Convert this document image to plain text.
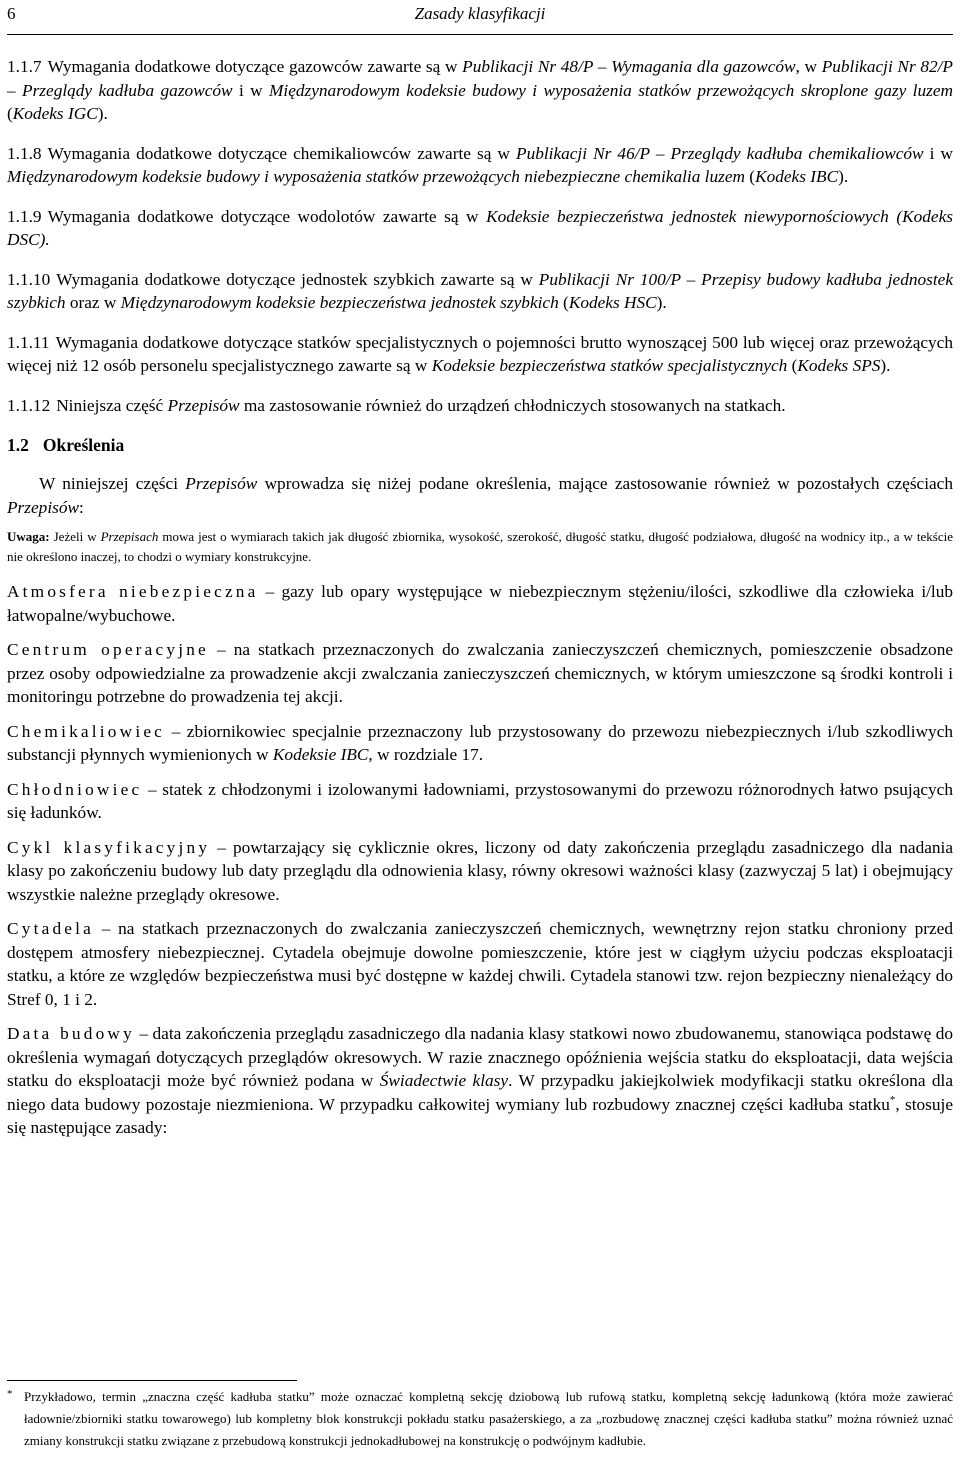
6	Zasady klasyfikacji

1.1.7 Wymagania dodatkowe dotyczące gazowców zawarte są w Publikacji Nr 48/P – Wymagania dla gazowców, w Publikacji Nr 82/P – Przeglądy kadłuba gazowców i w Międzynarodowym kodeksie budowy i wyposażenia statków przewożących skroplone gazy luzem (Kodeks IGC).

1.1.8 Wymagania dodatkowe dotyczące chemikaliowców zawarte są w Publikacji Nr 46/P – Przeglądy kadłuba chemikaliowców i w Międzynarodowym kodeksie budowy i wyposażenia statków przewożących niebezpieczne chemikalia luzem (Kodeks IBC).

1.1.9 Wymagania dodatkowe dotyczące wodolotów zawarte są w Kodeksie bezpieczeństwa jednostek niewypornościowych (Kodeks DSC).

1.1.10 Wymagania dodatkowe dotyczące jednostek szybkich zawarte są w Publikacji Nr 100/P – Przepisy budowy kadłuba jednostek szybkich oraz w Międzynarodowym kodeksie bezpieczeństwa jednostek szybkich (Kodeks HSC).

1.1.11 Wymagania dodatkowe dotyczące statków specjalistycznych o pojemności brutto wynoszącej 500 lub więcej oraz przewożących więcej niż 12 osób personelu specjalistycznego zawarte są w Kodeksie bezpieczeństwa statków specjalistycznych (Kodeks SPS).

1.1.12 Niniejsza część Przepisów ma zastosowanie również do urządzeń chłodniczych stosowanych na statkach.

1.2 Określenia

W niniejszej części Przepisów wprowadza się niżej podane określenia, mające zastosowanie również w pozostałych częściach Przepisów:

Uwaga: Jeżeli w Przepisach mowa jest o wymiarach takich jak długość zbiornika, wysokość, szerokość, długość statku, długość podziałowa, długość na wodnicy itp., a w tekście nie określono inaczej, to chodzi o wymiary konstrukcyjne.

Atmosfera niebezpieczna – gazy lub opary występujące w niebezpiecznym stężeniu/ilości, szkodliwe dla człowieka i/lub łatwopalne/wybuchowe.

Centrum operacyjne – na statkach przeznaczonych do zwalczania zanieczyszczeń chemicznych, pomieszczenie obsadzone przez osoby odpowiedzialne za prowadzenie akcji zwalczania zanieczyszczeń chemicznych, w którym umieszczone są środki kontroli i monitoringu potrzebne do prowadzenia tej akcji.

Chemikaliowiec – zbiornikowiec specjalnie przeznaczony lub przystosowany do przewozu niebezpiecznych i/lub szkodliwych substancji płynnych wymienionych w Kodeksie IBC, w rozdziale 17.

Chłodniowiec – statek z chłodzonymi i izolowanymi ładowniami, przystosowanymi do przewozu różnorodnych łatwo psujących się ładunków.

Cykl klasyfikacyjny – powtarzający się cyklicznie okres, liczony od daty zakończenia przeglądu zasadniczego dla nadania klasy po zakończeniu budowy lub daty przeglądu dla odnowienia klasy, równy okresowi ważności klasy (zazwyczaj 5 lat) i obejmujący wszystkie należne przeglądy okresowe.

Cytadela – na statkach przeznaczonych do zwalczania zanieczyszczeń chemicznych, wewnętrzny rejon statku chroniony przed dostępem atmosfery niebezpiecznej. Cytadela obejmuje dowolne pomieszczenie, które jest w ciągłym użyciu podczas eksploatacji statku, a które ze względów bezpieczeństwa musi być dostępne w każdej chwili. Cytadela stanowi tzw. rejon bezpieczny nienależący do Stref 0, 1 i 2.

Data budowy – data zakończenia przeglądu zasadniczego dla nadania klasy statkowi nowo zbudowanemu, stanowiąca podstawę do określenia wymagań dotyczących przeglądów okresowych. W razie znacznego opóźnienia wejścia statku do eksploatacji, data wejścia statku do eksploatacji może być również podana w Świadectwie klasy. W przypadku jakiejkolwiek modyfikacji statku określona dla niego data budowy pozostaje niezmieniona. W przypadku całkowitej wymiany lub rozbudowy znacznej części kadłuba statku*, stosuje się następujące zasady:

* Przykładowo, termin „znaczna część kadłuba statku” może oznaczać kompletną sekcję dziobową lub rufową statku, kompletną sekcję ładunkową (która może zawierać ładownie/zbiorniki statku towarowego) lub kompletny blok konstrukcji pokładu statku pasażerskiego, a za „rozbudowę znacznej części kadłuba statku” można również uznać zmiany konstrukcji statku związane z przebudową konstrukcji jednokadłubowej na konstrukcję o podwójnym kadłubie.
